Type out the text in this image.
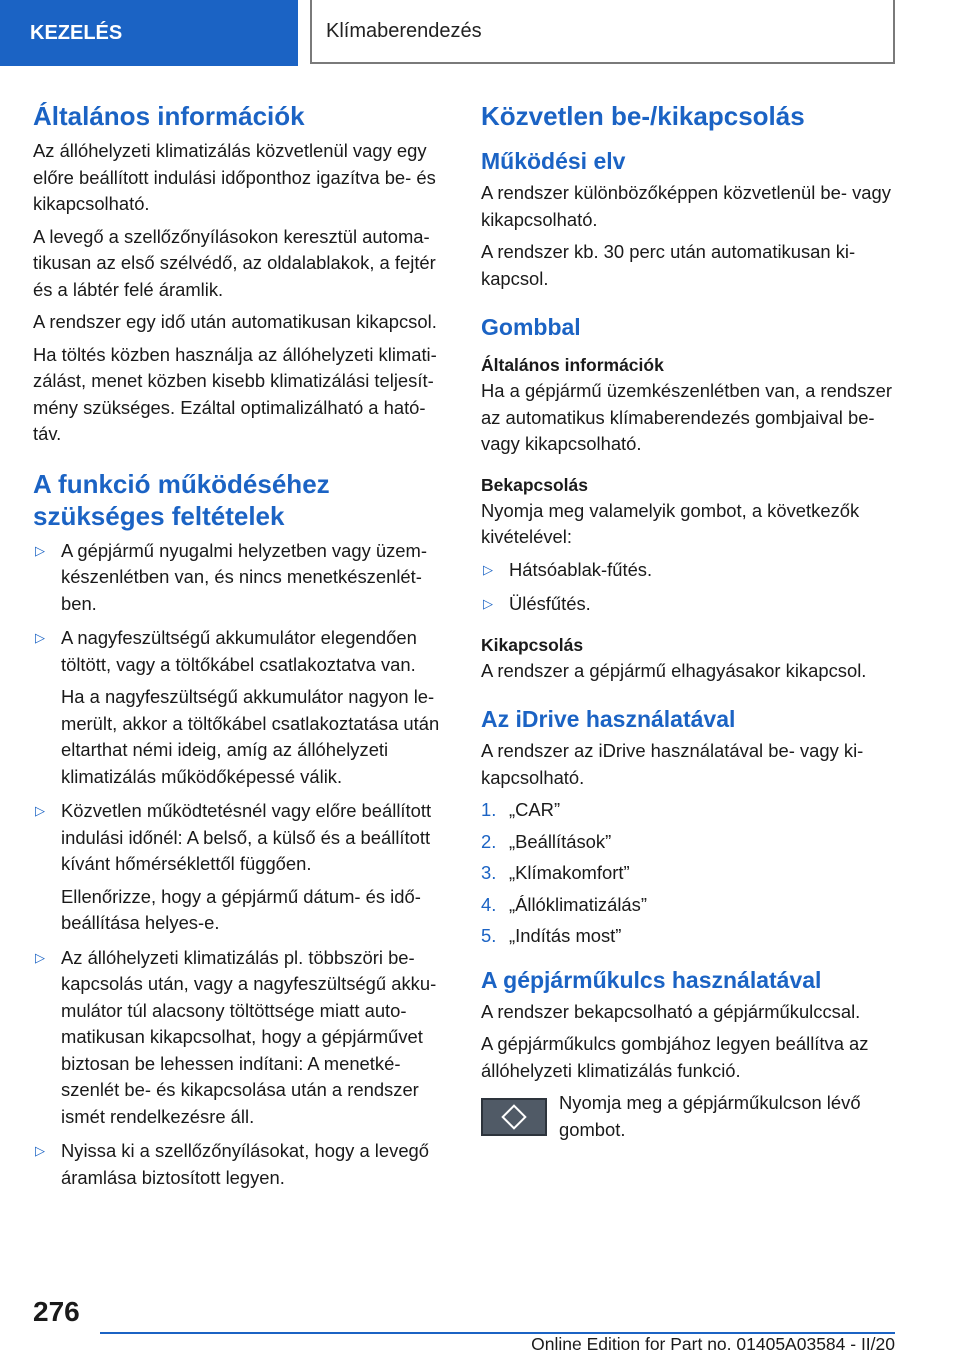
KEZELÉS	Klímaberendezés
Általános információk

Az állóhelyzeti klimatizálás közvetlenül vagy egy előre beállított indulási időponthoz igazítva be- és kikapcsolható.

A levegő a szellőzőnyílásokon keresztül automatikusan az első szélvédő, az oldalablakok, a fejtér és a lábtér felé áramlik.

A rendszer egy idő után automatikusan kikapcsol.

Ha töltés közben használja az állóhelyzeti klimatizálást, menet közben kisebb klimatizálási teljesítmény szükséges. Ezáltal optimalizálható a hatótáv.

A funkció működéséhez szükséges feltételek
▷ A gépjármű nyugalmi helyzetben vagy üzemkészenlétben van, és nincs menetkészenlétben.

▷ A nagyfeszültségű akkumulátor elegendően töltött, vagy a töltőkábel csatlakoztatva van.

Ha a nagyfeszültségű akkumulátor nagyon lemerült, akkor a töltőkábel csatlakoztatása után eltarthat némi ideig, amíg az állóhelyzeti klimatizálás működőképessé válik.

▷ Közvetlen működtetésnél vagy előre beállított indulási időnél: A belső, a külső és a beállított kívánt hőmérséklettől függően.

Ellenőrizze, hogy a gépjármű dátum- és időbeállítása helyes-e.

▷ Az állóhelyzeti klimatizálás pl. többszöri bekapcsolás után, vagy a nagyfeszültségű akkumulátor túl alacsony töltöttsége miatt automatikusan kikapcsolhat, hogy a gépjárművet biztosan be lehessen indítani: A menetkészenlét be- és kikapcsolása után a rendszer ismét rendelkezésre áll.

▷ Nyissa ki a szellőzőnyílásokat, hogy a levegő áramlása biztosított legyen.

Közvetlen be-/kikapcsolás
Működési elv

A rendszer különbözőképpen közvetlenül be- vagy kikapcsolható.

A rendszer kb. 30 perc után automatikusan kikapcsol.

Gombbal
Általános információk

Ha a gépjármű üzemkészenlétben van, a rendszer az automatikus klímaberendezés gombjaival be- vagy kikapcsolható.

Bekapcsolás

Nyomja meg valamelyik gombot, a következők kivételével:

▷ Hátsóablak-fűtés.

▷ Ülésfűtés.

Kikapcsolás

A rendszer a gépjármű elhagyásakor kikapcsol.

Az iDrive használatával

A rendszer az iDrive használatával be- vagy kikapcsolható.

1. „CAR”

2. „Beállítások”

3. „Klímakomfort”

4. „Állóklimatizálás”

5. „Indítás most”

A gépjárműkulcs használatával

A rendszer bekapcsolható a gépjárműkulccsal.

A gépjárműkulcs gombjához legyen beállítva az állóhelyzeti klimatizálás funkció.

Nyomja meg a gépjárműkulcson lévő gombot.

276
Online Edition for Part no. 01405A03584 - II/20
